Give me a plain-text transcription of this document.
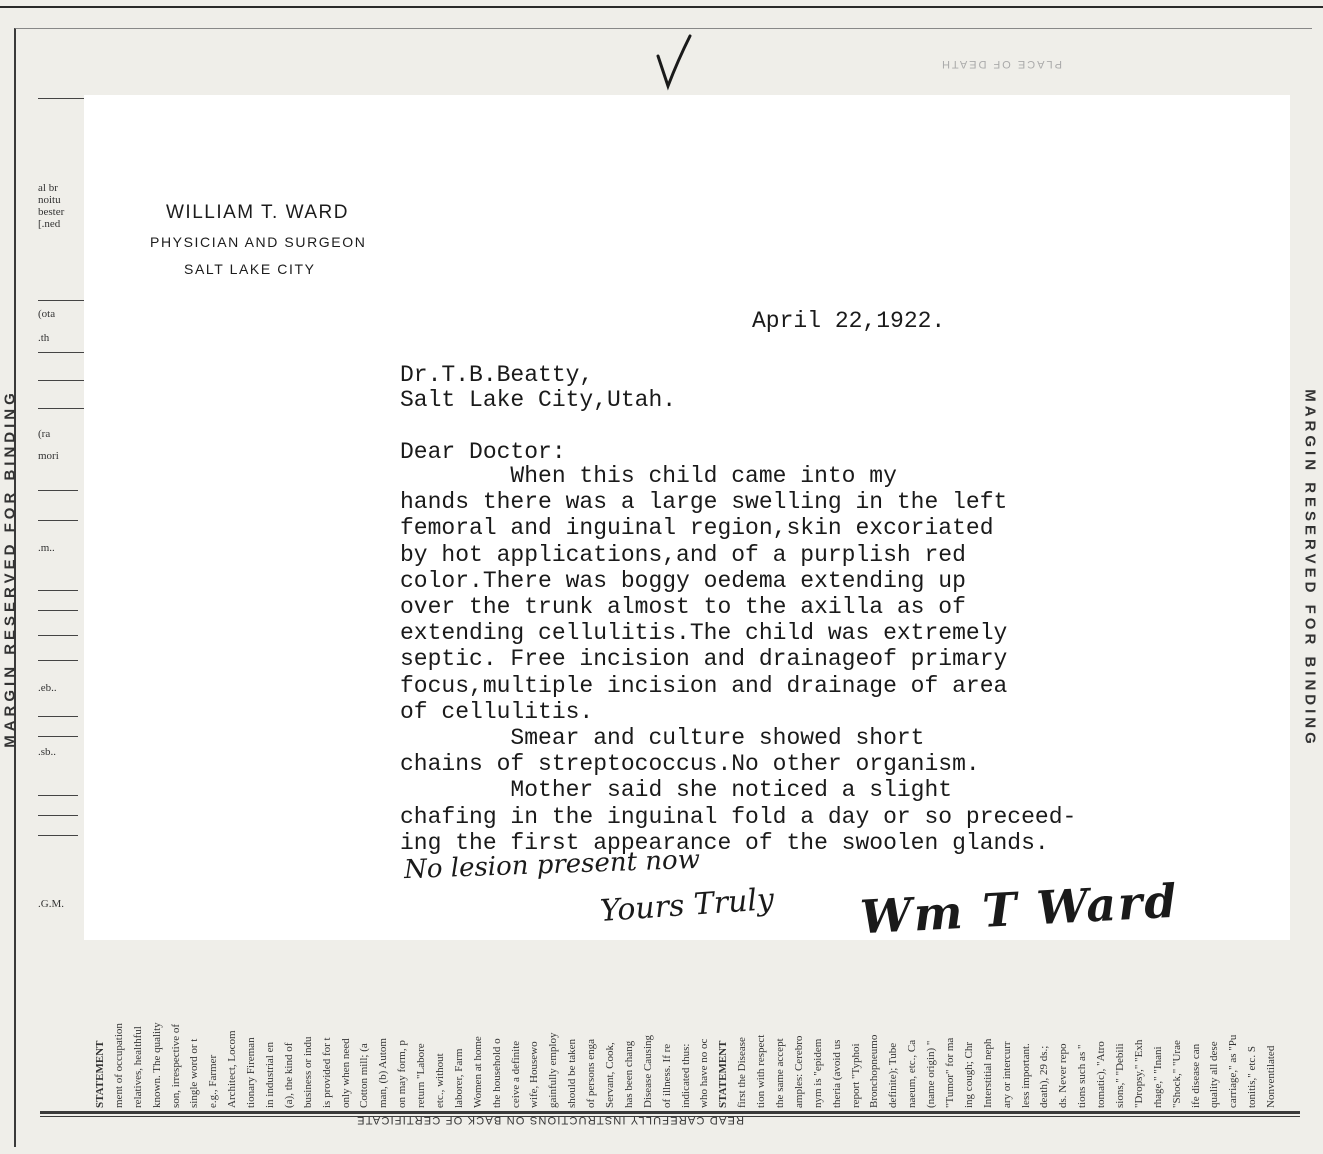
PLACE OF DEATH
MARGIN RESERVED FOR BINDING	MARGIN RESERVED FOR BINDING
al br
noitu
bester
[.ned
(ota
.th
(ra
mori
.m..
.eb..
.sb..
.G.M.
WILLIAM T. WARD
PHYSICIAN AND SURGEON
SALT LAKE CITY
April 22,1922.
Dr.T.B.Beatty,
Salt Lake City,Utah.
Dear Doctor:
When this child came into my
hands there was a large swelling in the left
femoral and inguinal region,skin excoriated
by hot applications,and of a purplish red
color.There was boggy oedema extending up
over the trunk almost to the axilla as of
extending cellulitis.The child was extremely
septic. Free incision and drainageof primary
focus,multiple incision and drainage of area
of cellulitis.
Smear and culture showed short
chains of streptococcus.No other organism.
Mother said she noticed a slight
chafing in the inguinal fold a day or so preceed-
ing the first appearance of the swoolen glands.
No lesion present now
Yours Truly Wm T Ward
STATEMENT ment of occupation relatives, healthful known. The quality son, irrespective of single word or t e.g., Farmer Architect, Locom tionary Fireman in industrial en (a), the kind of business or indu is provided for t only when need Cotton mill; (a man, (b) Autom on may form, p return "Labore etc., without laborer, Farm Women at home the household o ceive a definite wife, Housewo gainfully employ should be taken of persons enga Servant, Cook, has been chang Disease Causing of illness. If re indicated thus: who have no oc STATEMENT first the Disease tion with respect the same accept amples: Cerebro nym is "epidem theria (avoid us report "Typhoi Bronchopneumo definite); Tube naeum, etc., Ca (name origin) " "Tumor" for ma ing cough; Chr Interstitial neph ary or intercurr less important. death), 29 ds.; ds. Never repo tions such as " tomatic), "Atro sions," "Debili "Dropsy," "Exh rhage," "Inani "Shock," "Urae ife disease can quality all dese carriage," as "Pu tonitis," etc. S Nonventilated
READ CAREFULLY INSTRUCTIONS ON BACK OF CERTIFICATE
